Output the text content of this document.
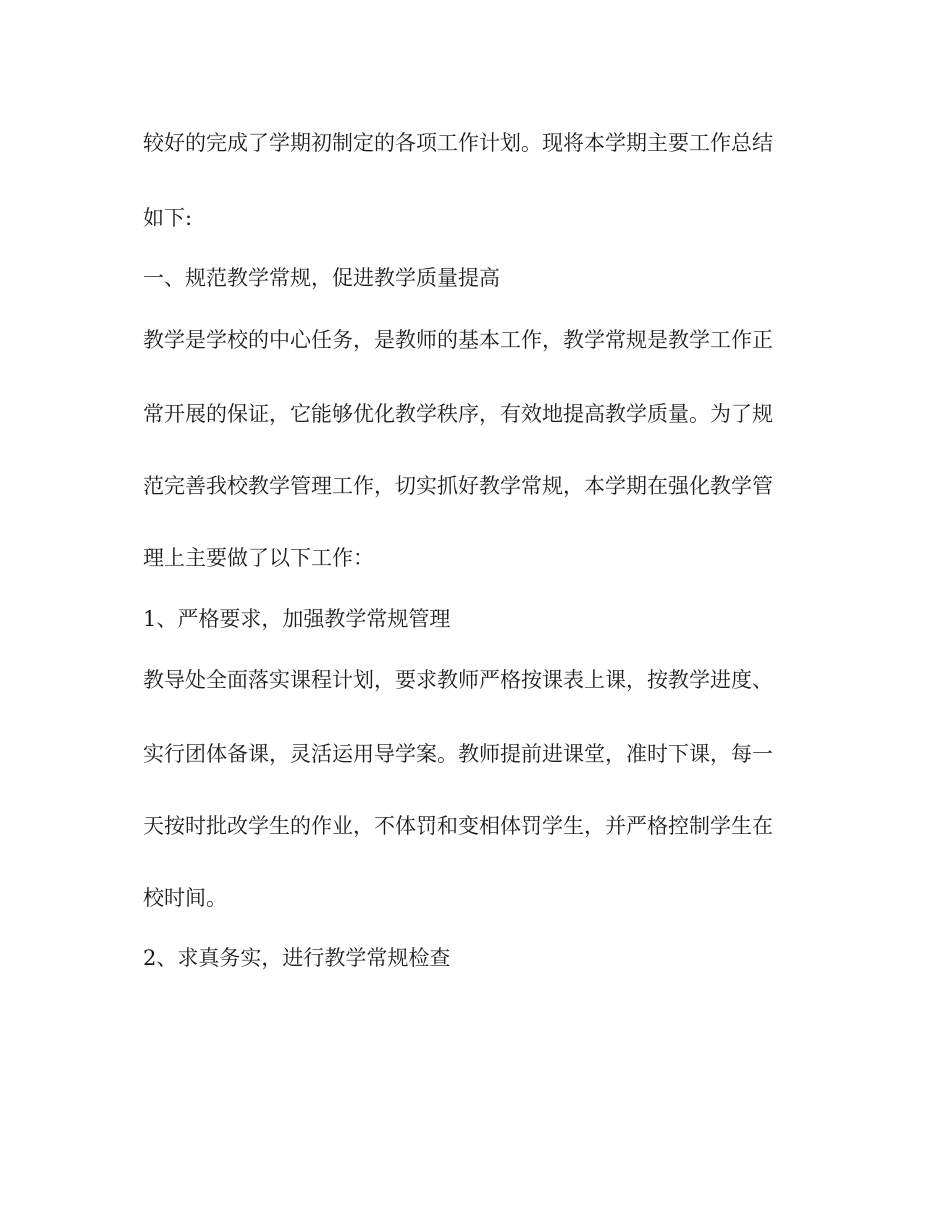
较好的完成了学期初制定的各项工作计划。现将本学期主要工作总结
如下:
一、规范教学常规，促进教学质量提高
教学是学校的中心任务，是教师的基本工作，教学常规是教学工作正
常开展的保证，它能够优化教学秩序，有效地提高教学质量。为了规
范完善我校教学管理工作，切实抓好教学常规，本学期在强化教学管
理上主要做了以下工作：
1、严格要求，加强教学常规管理
教导处全面落实课程计划，要求教师严格按课表上课，按教学进度、
实行团体备课，灵活运用导学案。教师提前进课堂，准时下课，每一
天按时批改学生的作业，不体罚和变相体罚学生，并严格控制学生在
校时间。
2、求真务实，进行教学常规检查
